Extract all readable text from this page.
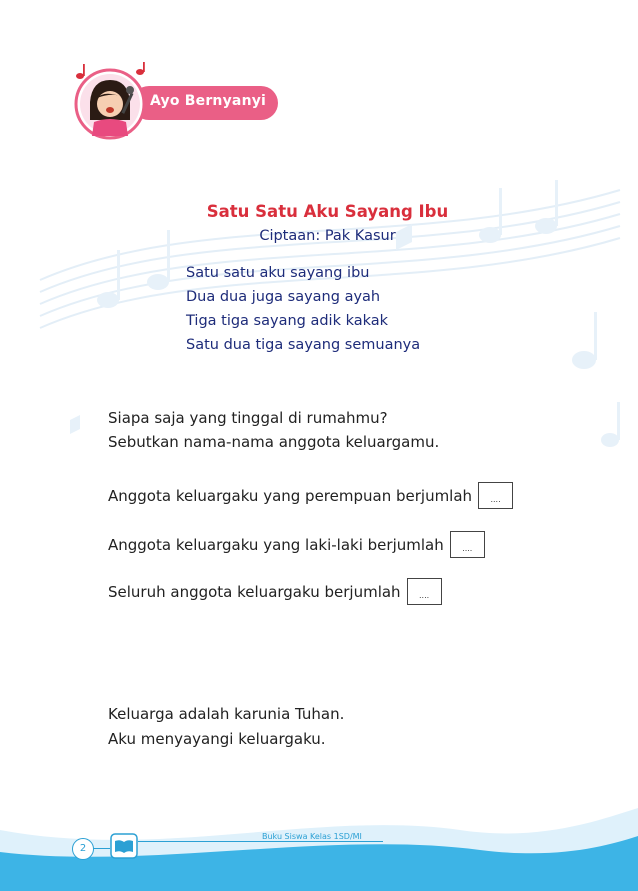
Ayo Bernyanyi
Satu Satu Aku Sayang Ibu
Ciptaan: Pak Kasur
Satu satu aku sayang ibu
Dua dua juga sayang ayah
Tiga tiga sayang adik kakak
Satu dua tiga sayang semuanya
Siapa saja yang tinggal di rumahmu?
Sebutkan nama-nama anggota keluargamu.
Anggota keluargaku yang perempuan berjumlah	....
Anggota keluargaku yang laki-laki berjumlah	....
Seluruh anggota keluargaku berjumlah	....
Keluarga adalah karunia Tuhan.
Aku menyayangi keluargaku.
2
Buku Siswa Kelas 1SD/MI
